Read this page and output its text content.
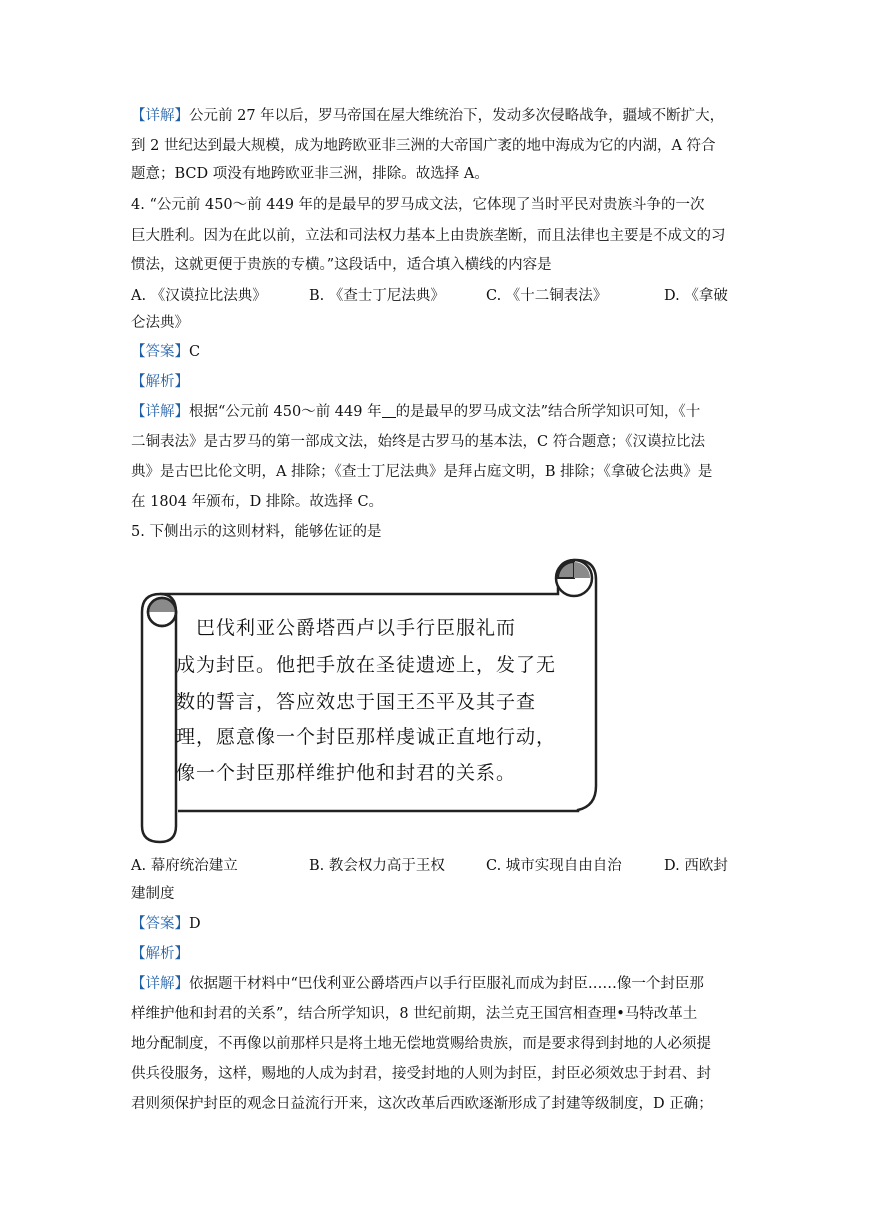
【详解】公元前 27 年以后，罗马帝国在屋大维统治下，发动多次侵略战争，疆域不断扩大，
到 2 世纪达到最大规模，成为地跨欧亚非三洲的大帝国广袤的地中海成为它的内湖，A 符合
题意；BCD 项没有地跨欧亚非三洲，排除。故选择 A。
4. “公元前 450～前 449 年的是最早的罗马成文法，它体现了当时平民对贵族斗争的一次
巨大胜利。因为在此以前，立法和司法权力基本上由贵族垄断，而且法律也主要是不成文的习
惯法，这就更便于贵族的专横。”这段话中，适合填入横线的内容是
A. 《汉谟拉比法典》	B. 《查士丁尼法典》	C. 《十二铜表法》	D. 《拿破
仑法典》
【答案】C
【解析】
【详解】根据“公元前 450～前 449 年 的是最早的罗马成文法”结合所学知识可知，《十
二铜表法》是古罗马的第一部成文法，始终是古罗马的基本法，C 符合题意；《汉谟拉比法
典》是古巴比伦文明，A 排除；《查士丁尼法典》是拜占庭文明，B 排除；《拿破仑法典》是
在 1804 年颁布，D 排除。故选择 C。
5. 下侧出示的这则材料，能够佐证的是
巴伐利亚公爵塔西卢以手行臣服礼而
成为封臣。他把手放在圣徒遗迹上，发了无
数的誓言，答应效忠于国王丕平及其子查
理，愿意像一个封臣那样虔诚正直地行动，
像一个封臣那样维护他和封君的关系。
A. 幕府统治建立	B. 教会权力高于王权	C. 城市实现自由自治	D. 西欧封
建制度
【答案】D
【解析】
【详解】依据题干材料中“巴伐利亚公爵塔西卢以手行臣服礼而成为封臣……像一个封臣那
样维护他和封君的关系”，结合所学知识，8 世纪前期，法兰克王国宫相查理•马特改革土
地分配制度，不再像以前那样只是将土地无偿地赏赐给贵族，而是要求得到封地的人必须提
供兵役服务，这样，赐地的人成为封君，接受封地的人则为封臣，封臣必须效忠于封君、封
君则须保护封臣的观念日益流行开来，这次改革后西欧逐渐形成了封建等级制度，D 正确；
